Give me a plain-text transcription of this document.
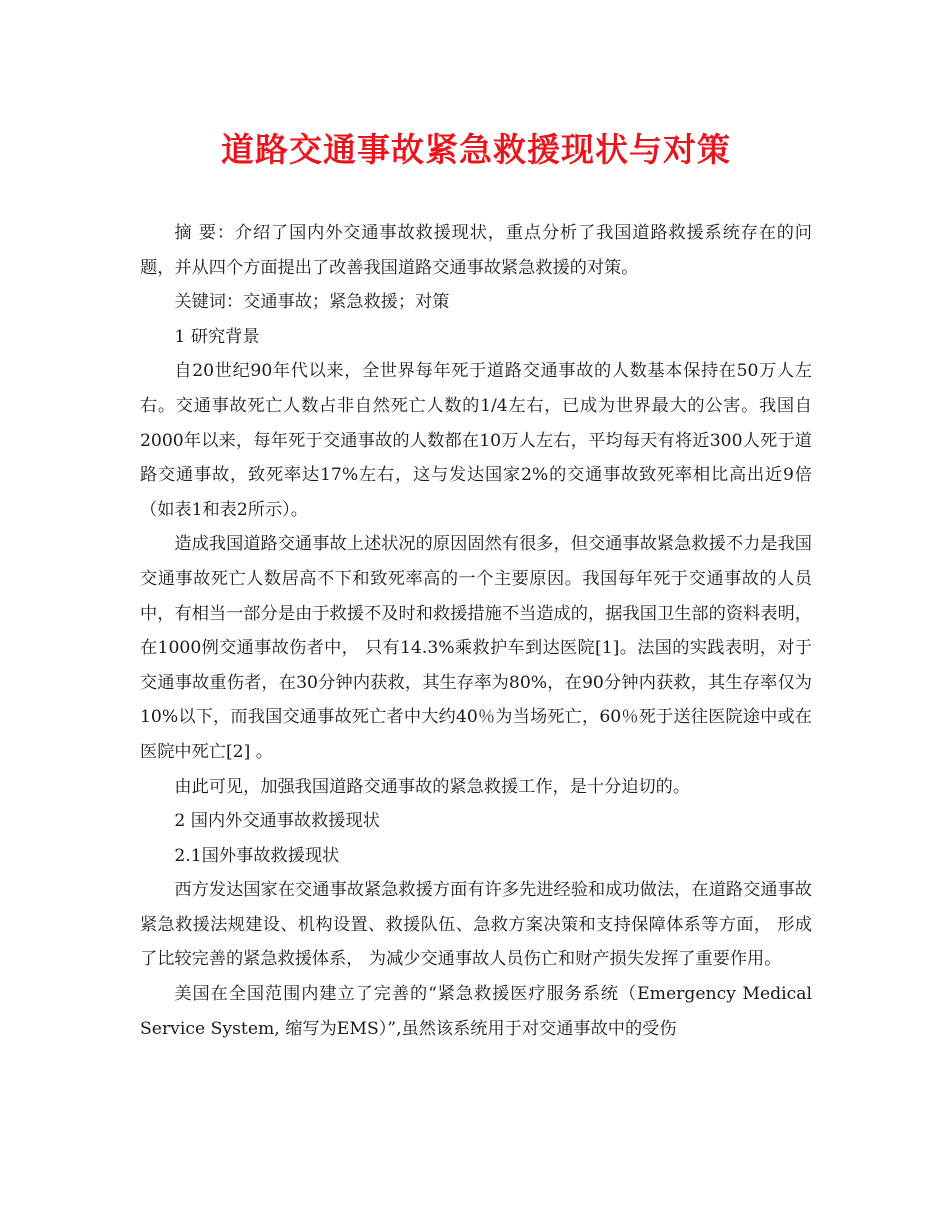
道路交通事故紧急救援现状与对策

摘 要：介绍了国内外交通事故救援现状，重点分析了我国道路救援系统存在的问题，并从四个方面提出了改善我国道路交通事故紧急救援的对策。

关键词：交通事故；紧急救援；对策

1 研究背景

自20世纪90年代以来，全世界每年死于道路交通事故的人数基本保持在50万人左右。交通事故死亡人数占非自然死亡人数的1/4左右，已成为世界最大的公害。我国自2000年以来，每年死于交通事故的人数都在10万人左右，平均每天有将近300人死于道路交通事故，致死率达17%左右，这与发达国家2%的交通事故致死率相比高出近9倍（如表1和表2所示）。

造成我国道路交通事故上述状况的原因固然有很多，但交通事故紧急救援不力是我国交通事故死亡人数居高不下和致死率高的一个主要原因。我国每年死于交通事故的人员中，有相当一部分是由于救援不及时和救援措施不当造成的，据我国卫生部的资料表明， 在1000例交通事故伤者中， 只有14.3%乘救护车到达医院[1]。法国的实践表明，对于交通事故重伤者，在30分钟内获救，其生存率为80%，在90分钟内获救，其生存率仅为10%以下，而我国交通事故死亡者中大约40％为当场死亡，60％死于送往医院途中或在医院中死亡[2] 。

由此可见，加强我国道路交通事故的紧急救援工作，是十分迫切的。

2 国内外交通事故救援现状

2.1国外事故救援现状

西方发达国家在交通事故紧急救援方面有许多先进经验和成功做法，在道路交通事故紧急救援法规建设、机构设置、救援队伍、急救方案决策和支持保障体系等方面， 形成了比较完善的紧急救援体系， 为减少交通事故人员伤亡和财产损失发挥了重要作用。

美国在全国范围内建立了完善的“紧急救援医疗服务系统（Emergency Medical Service System, 缩写为EMS）”,虽然该系统用于对交通事故中的受伤
